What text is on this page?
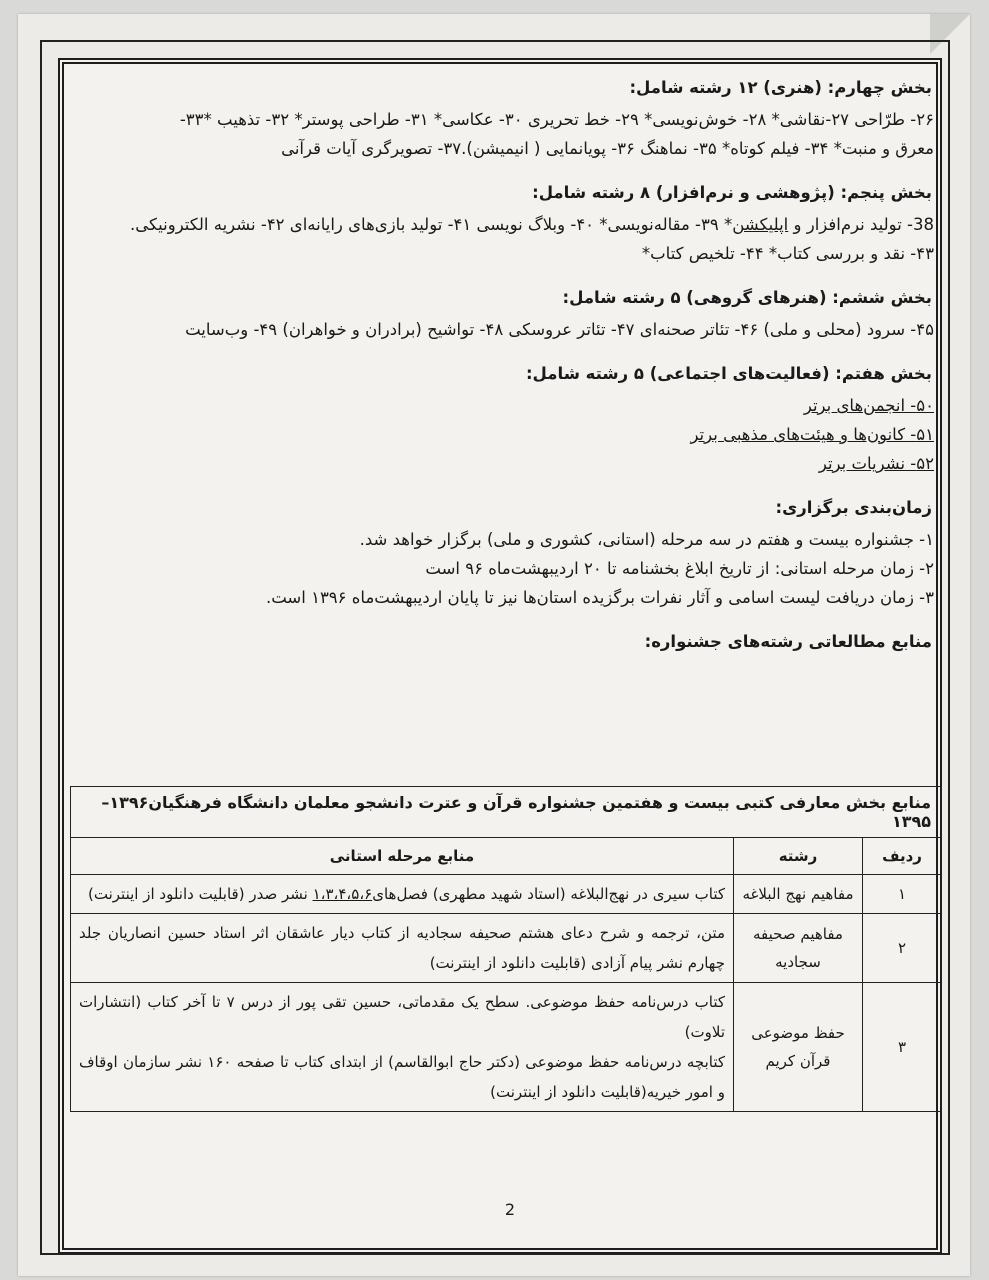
بخش چهارم: (هنری) ۱۲ رشته شامل:
۲۶- طرّاحی ۲۷-نقاشی* ۲۸- خوش‌نویسی* ۲۹- خط تحریری ۳۰- عکاسی* ۳۱- طراحی پوستر* ۳۲- تذهیب *۳۳-
معرق و منبت* ۳۴- فیلم کوتاه* ۳۵- نماهنگ ۳۶- پویانمایی ( انیمیشن).۳۷- تصویرگری آیات قرآنی
بخش پنجم: (پژوهشی و نرم‌افزار) ۸ رشته شامل:
38- تولید نرم‌افزار و اپلیکشن* ۳۹- مقاله‌نویسی* ۴۰- وبلاگ نویسی ۴۱- تولید بازی‌های رایانه‌ای ۴۲- نشریه الکترونیکی.
۴۳- نقد و بررسی کتاب* ۴۴- تلخیص کتاب*
بخش ششم: (هنرهای گروهی) ۵ رشته شامل:
۴۵- سرود (محلی و ملی) ۴۶- تئاتر صحنه‌ای ۴۷- تئاتر عروسکی ۴۸- تواشیح (برادران و خواهران) ۴۹- وب‌سایت
بخش هفتم: (فعالیت‌های اجتماعی) ۵ رشته شامل:
۵۰- انجمن‌های برتر
۵۱- کانون‌ها و هیئت‌های مذهبی برتر
۵۲- نشریات برتر
زمان‌بندی برگزاری:
۱- جشنواره بیست و هفتم در سه مرحله (استانی، کشوری و ملی) برگزار خواهد شد.
۲- زمان مرحله استانی: از تاریخ ابلاغ بخشنامه تا ۲۰ اردیبهشت‌ماه ۹۶ است
۳- زمان دریافت لیست اسامی و آثار نفرات برگزیده استان‌ها نیز تا پایان اردیبهشت‌ماه ۱۳۹۶ است.
منابع مطالعاتی رشته‌های جشنواره:
منابع بخش معارفی کتبی بیست و هفتمین جشنواره قرآن و عترت دانشجو معلمان دانشگاه فرهنگیان۱۳۹۶–۱۳۹۵		
ردیف	رشته	منابع مرحله استانی
۱	مفاهیم نهج البلاغه	کتاب سیری در نهج‌البلاغه (استاد شهید مطهری) فصل‌های۱،۳،۴،۵،۶ نشر صدر (قابلیت دانلود از اینترنت)
۲	مفاهیم صحیفه سجادیه	متن، ترجمه و شرح دعای هشتم صحیفه سجادیه از کتاب دیار عاشقان اثر استاد حسین انصاریان جلد چهارم نشر پیام آزادی (قابلیت دانلود از اینترنت)
۳	حفظ موضوعی قرآن کریم	کتاب درس‌نامه حفظ موضوعی. سطح یک مقدماتی، حسین تقی پور از درس ۷ تا آخر کتاب (انتشارات تلاوت)
کتابچه درس‌نامه حفظ موضوعی (دکتر حاج ابوالقاسم) از ابتدای کتاب تا صفحه ۱۶۰ نشر سازمان اوقاف و امور خیریه(قابلیت دانلود از اینترنت)
2
